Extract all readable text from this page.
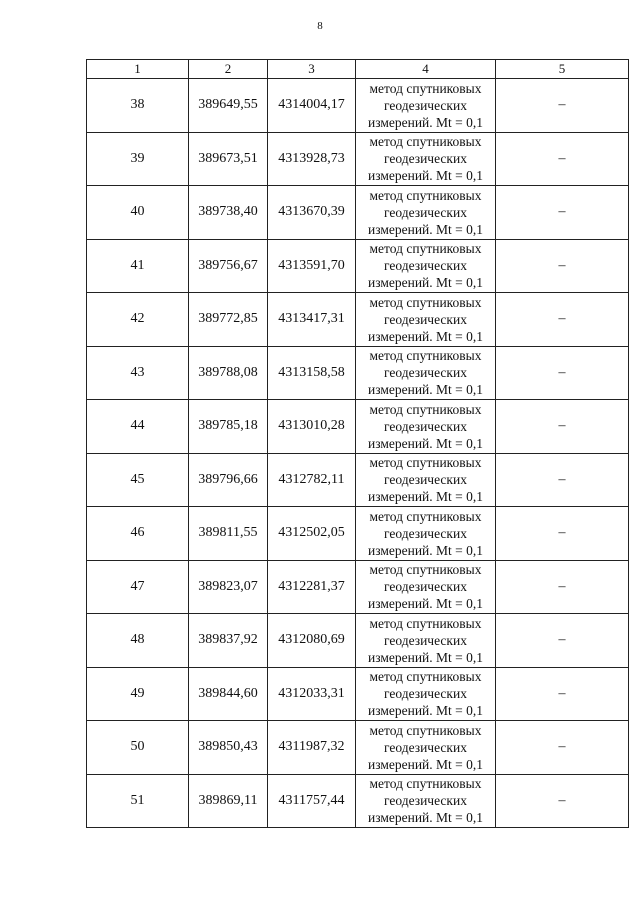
8
1	2	3	4	5
38	389649,55	4314004,17	метод спутниковых
геодезических
измерений. Mt = 0,1	–
39	389673,51	4313928,73	метод спутниковых
геодезических
измерений. Mt = 0,1	–
40	389738,40	4313670,39	метод спутниковых
геодезических
измерений. Mt = 0,1	–
41	389756,67	4313591,70	метод спутниковых
геодезических
измерений. Mt = 0,1	–
42	389772,85	4313417,31	метод спутниковых
геодезических
измерений. Mt = 0,1	–
43	389788,08	4313158,58	метод спутниковых
геодезических
измерений. Mt = 0,1	–
44	389785,18	4313010,28	метод спутниковых
геодезических
измерений. Mt = 0,1	–
45	389796,66	4312782,11	метод спутниковых
геодезических
измерений. Mt = 0,1	–
46	389811,55	4312502,05	метод спутниковых
геодезических
измерений. Mt = 0,1	–
47	389823,07	4312281,37	метод спутниковых
геодезических
измерений. Mt = 0,1	–
48	389837,92	4312080,69	метод спутниковых
геодезических
измерений. Mt = 0,1	–
49	389844,60	4312033,31	метод спутниковых
геодезических
измерений. Mt = 0,1	–
50	389850,43	4311987,32	метод спутниковых
геодезических
измерений. Mt = 0,1	–
51	389869,11	4311757,44	метод спутниковых
геодезических
измерений. Mt = 0,1	–
